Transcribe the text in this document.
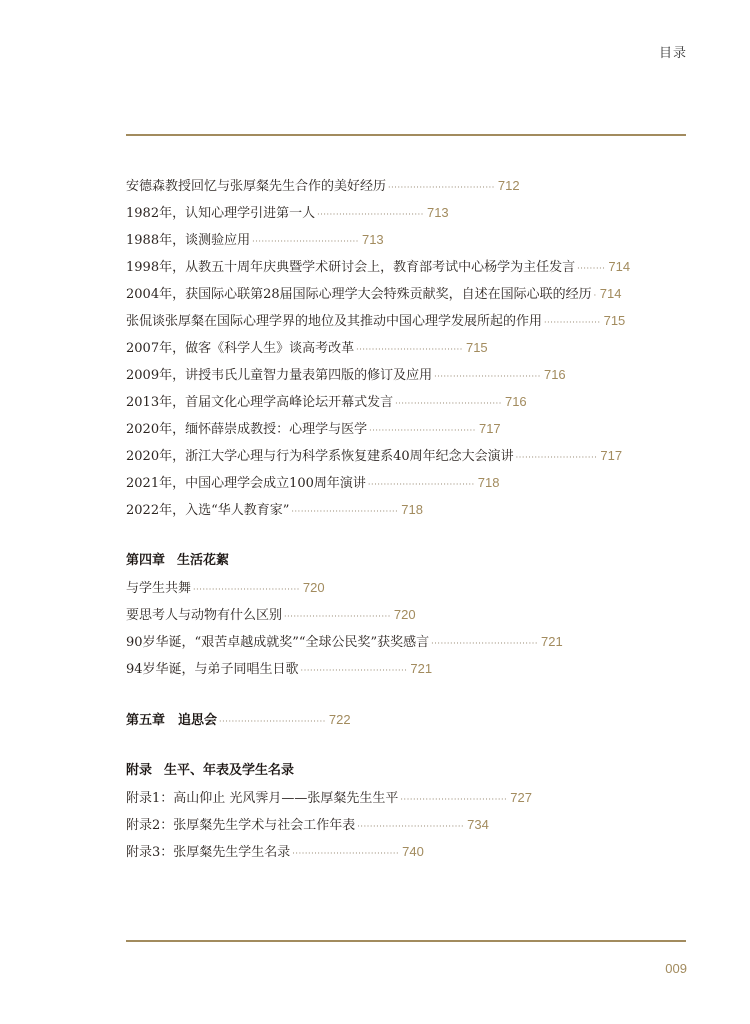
目录
安德森教授回忆与张厚粲先生合作的美好经历 ·································· 712
1982年，认知心理学引进第一人 ·································· 713
1988年，谈测验应用 ·································· 713
1998年，从教五十周年庆典暨学术研讨会上，教育部考试中心杨学为主任发言 ········· 714
2004年，获国际心联第28届国际心理学大会特殊贡献奖，自述在国际心联的经历 · 714
张侃谈张厚粲在国际心理学界的地位及其推动中国心理学发展所起的作用 ·················· 715
2007年，做客《科学人生》谈高考改革 ·································· 715
2009年，讲授韦氏儿童智力量表第四版的修订及应用 ·································· 716
2013年，首届文化心理学高峰论坛开幕式发言 ·································· 716
2020年，缅怀薛崇成教授：心理学与医学 ·································· 717
2020年，浙江大学心理与行为科学系恢复建系40周年纪念大会演讲 ·························· 717
2021年，中国心理学会成立100周年演讲 ·································· 718
2022年，入选“华人教育家” ·································· 718
第四章 生活花絮
与学生共舞 ·································· 720
要思考人与动物有什么区别 ·································· 720
90岁华诞，“艰苦卓越成就奖”“全球公民奖”获奖感言 ·································· 721
94岁华诞，与弟子同唱生日歌 ·································· 721
第五章　追思会 ·································· 722
附录 生平、年表及学生名录
附录1：高山仰止 光风霁月——张厚粲先生生平 ·································· 727
附录2：张厚粲先生学术与社会工作年表 ·································· 734
附录3：张厚粲先生学生名录 ·································· 740
009
